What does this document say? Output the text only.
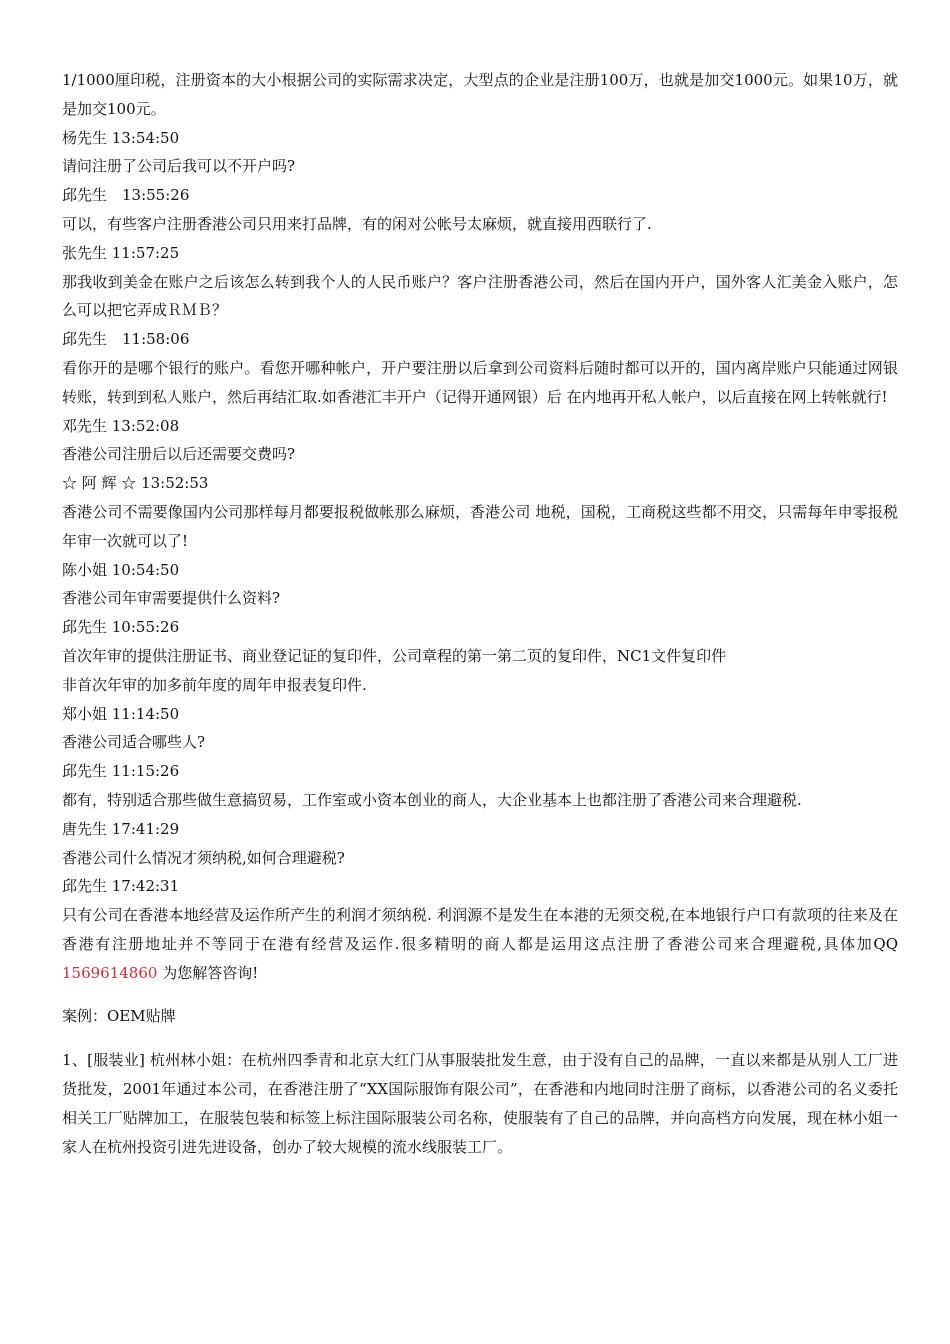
1/1000厘印税，注册资本的大小根据公司的实际需求决定，大型点的企业是注册100万，也就是加交1000元。如果10万，就是加交100元。

杨先生 13:54:50

请问注册了公司后我可以不开户吗?

邱先生　13:55:26

可以，有些客户注册香港公司只用来打品牌，有的闲对公帐号太麻烦，就直接用西联行了.

张先生 11:57:25

那我收到美金在账户之后该怎么转到我个人的人民币账户？客户注册香港公司，然后在国内开户，国外客人汇美金入账户，怎么可以把它弄成ＲＭＢ？

邱先生　11:58:06

看你开的是哪个银行的账户。看您开哪种帐户，开户要注册以后拿到公司资料后随时都可以开的，国内离岸账户只能通过网银转账，转到到私人账户，然后再结汇取.如香港汇丰开户（记得开通网银）后 在内地再开私人帐户，以后直接在网上转帐就行!

邓先生 13:52:08

香港公司注册后以后还需要交费吗?

☆ 阿 辉 ☆ 13:52:53

香港公司不需要像国内公司那样每月都要报税做帐那么麻烦，香港公司 地税，国税，工商税这些都不用交，只需每年申零报税年审一次就可以了!

陈小姐 10:54:50

香港公司年审需要提供什么资料?

邱先生 10:55:26

首次年审的提供注册证书、商业登记证的复印件，公司章程的第一第二页的复印件，NC1文件复印件

非首次年审的加多前年度的周年申报表复印件.

郑小姐 11:14:50

香港公司适合哪些人?

邱先生 11:15:26

都有，特别适合那些做生意搞贸易，工作室或小资本创业的商人，大企业基本上也都注册了香港公司来合理避税.

唐先生 17:41:29

香港公司什么情况才须纳税,如何合理避税?

邱先生 17:42:31

只有公司在香港本地经营及运作所产生的利润才须纳税. 利润源不是发生在本港的无须交税,在本地银行户口有款项的往来及在香港有注册地址并不等同于在港有经营及运作.很多精明的商人都是运用这点注册了香港公司来合理避税,具体加QQ 1569614860 为您解答咨询!

案例：OEM贴牌

1、[服装业] 杭州林小姐：在杭州四季青和北京大红门从事服装批发生意，由于没有自己的品牌，一直以来都是从别人工厂进货批发，2001年通过本公司，在香港注册了“XX国际服饰有限公司”，在香港和内地同时注册了商标，以香港公司的名义委托相关工厂贴牌加工，在服装包装和标签上标注国际服装公司名称，使服装有了自己的品牌，并向高档方向发展，现在林小姐一家人在杭州投资引进先进设备，创办了较大规模的流水线服装工厂。
